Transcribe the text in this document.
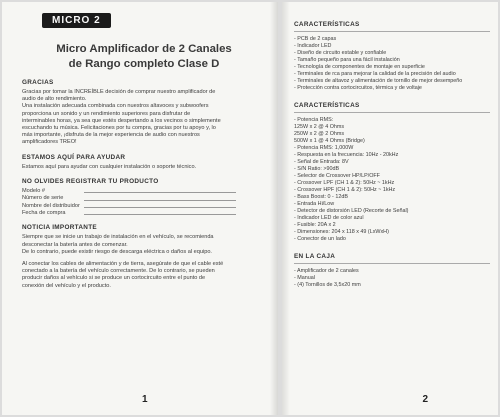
MICRO 2
Micro Amplificador de 2 Canales
de Rango completo Clase D
GRACIAS
Gracias por tomar la INCREÍBLE decisión de comprar nuestro amplificador de
audio de alto rendimiento.
Una instalación adecuada combinada con nuestros altavoces y subwoofers
proporciona un sonido y un rendimiento superiores para disfrutar de
interminables horas, ya sea que estés despertando a los vecinos o simplemente
escuchando tu música. Felicitaciones por tu compra, gracias por tu apoyo y, lo
más importante, ¡disfruta de la mejor experiencia de audio con nuestros
amplificadores TREO!
ESTAMOS AQUÍ PARA AYUDAR

Estamos aquí para ayudar con cualquier instalación o soporte técnico.

NO OLVIDES REGISTRAR TU PRODUCTO
Modelo #
Número de serie
Nombre del distribuidor
Fecha de compra
NOTICIA IMPORTANTE
Siempre que se inicie un trabajo de instalación en el vehículo, se recomienda
desconectar la batería antes de comenzar.
De lo contrario, puede existir riesgo de descarga eléctrica o daños al equipo.
Al conectar los cables de alimentación y de tierra, asegúrate de que el cable esté
conectado a la batería del vehículo correctamente. De lo contrario, se pueden
producir daños al vehículo si se produce un cortocircuito entre el punto de
conexión del vehículo y el producto.
1
CARACTERÍSTICAS
- PCB de 2 capas
- Indicador LED
- Diseño de circuito estable y confiable
- Tamaño pequeño para una fácil instalación
- Tecnología de componentes de montaje en superficie
- Terminales de rca para mejorar la calidad de la precisión del audio
- Terminales de altavoz y alimentación de tornillo de mejor desempeño
- Protección contra cortocircuitos, térmica y de voltaje
CARACTERÍSTICAS
- Potencia RMS:
125W x 2 @ 4 Ohms
250W x 2 @ 2 Ohms
500W x 1 @ 4 Ohms (Bridge)
- Potencia RMS: 1,000W
- Respuesta en la frecuencia: 10Hz - 20kHz
- Señal de Entrada: 8V
- S/N Ratio: >90dB
- Selector de Crossover HP/LP/OFF
- Crossover LPF (CH 1 & 2): 50Hz ~ 1kHz
- Crossover HPF (CH 1 & 2): 50Hz ~ 1kHz
- Bass Boost: 0 - 12dB
- Entrada Hi/Low
- Detector de distorsión LED (Recorte de Señal)
- Indicador LED de color azul
- Fusible: 20A x 2
- Dimensiones: 204 x 118 x 49 (LxWxH)
- Conector de un lado
EN LA CAJA
- Amplificador de 2 canales
- Manual
- (4) Tornillos de 3,5x20 mm
2
